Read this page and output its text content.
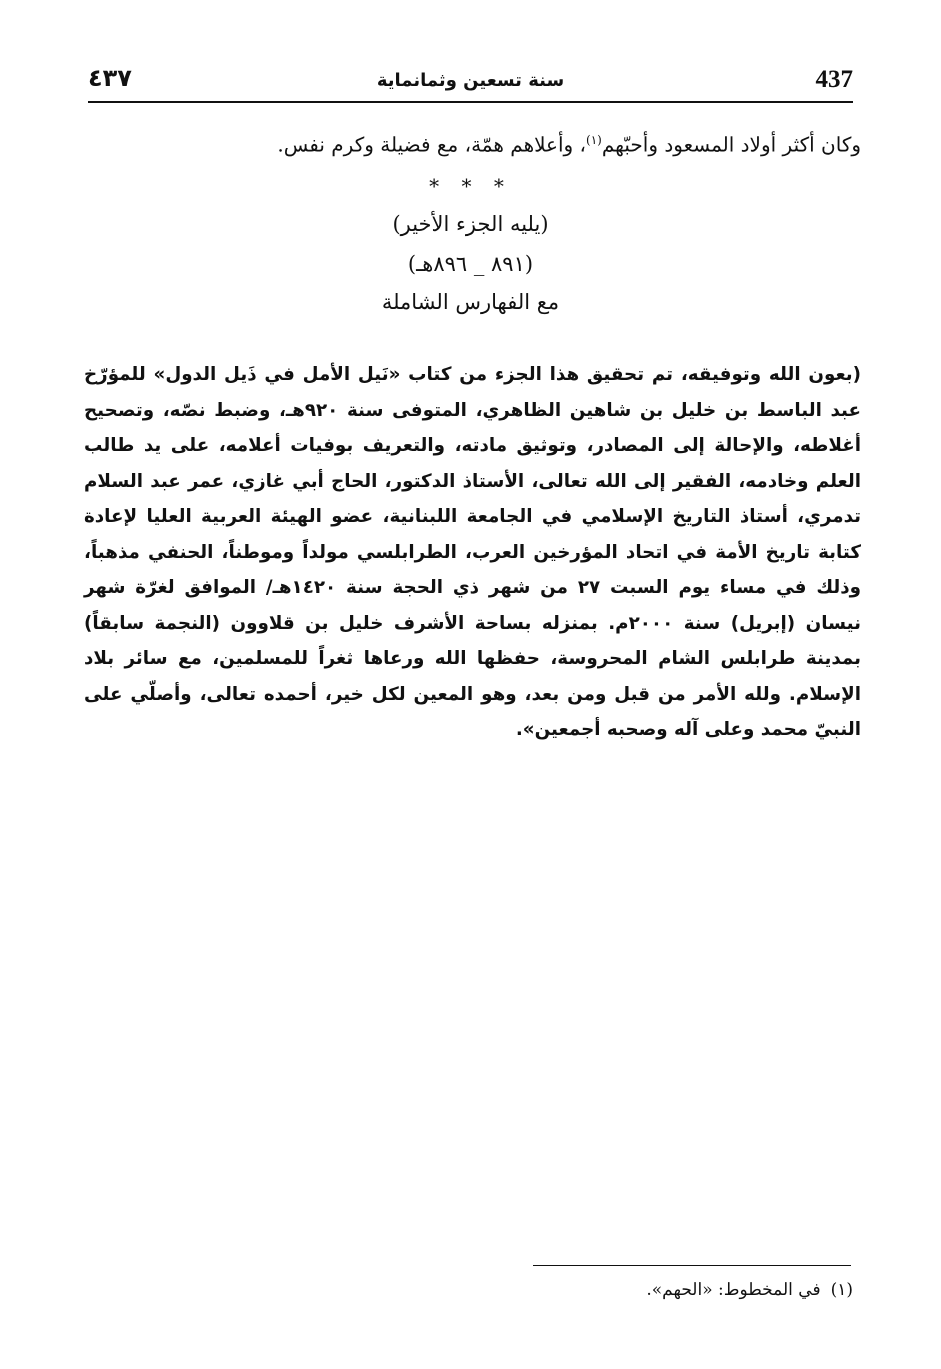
437
سنة تسعين وثمانماية
٤٣٧
وكان أكثر أولاد المسعود وأحبّهم$^{(١)}$، وأعلاهم همّة، مع فضيلة وكرم نفس.
* * *
(يليه الجزء الأخير)
(٨٩١ _ ٨٩٦هـ)
مع الفهارس الشاملة
(بعون الله وتوفيقه، تم تحقيق هذا الجزء من كتاب «نَيل الأمل في ذَيل الدول» للمؤرّخ عبد الباسط بن خليل بن شاهين الظاهري، المتوفى سنة ٩٢٠هـ، وضبط نصّه، وتصحيح أغلاطه، والإحالة إلى المصادر، وتوثيق مادته، والتعريف بوفيات أعلامه، على يد طالب العلم وخادمه، الفقير إلى الله تعالى، الأستاذ الدكتور، الحاج أبي غازي، عمر عبد السلام تدمري، أستاذ التاريخ الإسلامي في الجامعة اللبنانية، عضو الهيئة العربية العليا لإعادة كتابة تاريخ الأمة في اتحاد المؤرخين العرب، الطرابلسي مولداً وموطناً، الحنفي مذهباً، وذلك في مساء يوم السبت ٢٧ من شهر ذي الحجة سنة ١٤٢٠هـ/ الموافق لغرّة شهر نيسان (إبريل) سنة ٢٠٠٠م. بمنزله بساحة الأشرف خليل بن قلاوون (النجمة سابقاً) بمدينة طرابلس الشام المحروسة، حفظها الله ورعاها ثغراً للمسلمين، مع سائر بلاد الإسلام. ولله الأمر من قبل ومن بعد، وهو المعين لكل خير، أحمده تعالى، وأصلّي على النبيّ محمد وعلى آله وصحبه أجمعين».
(١)في المخطوط: «الحهم».
